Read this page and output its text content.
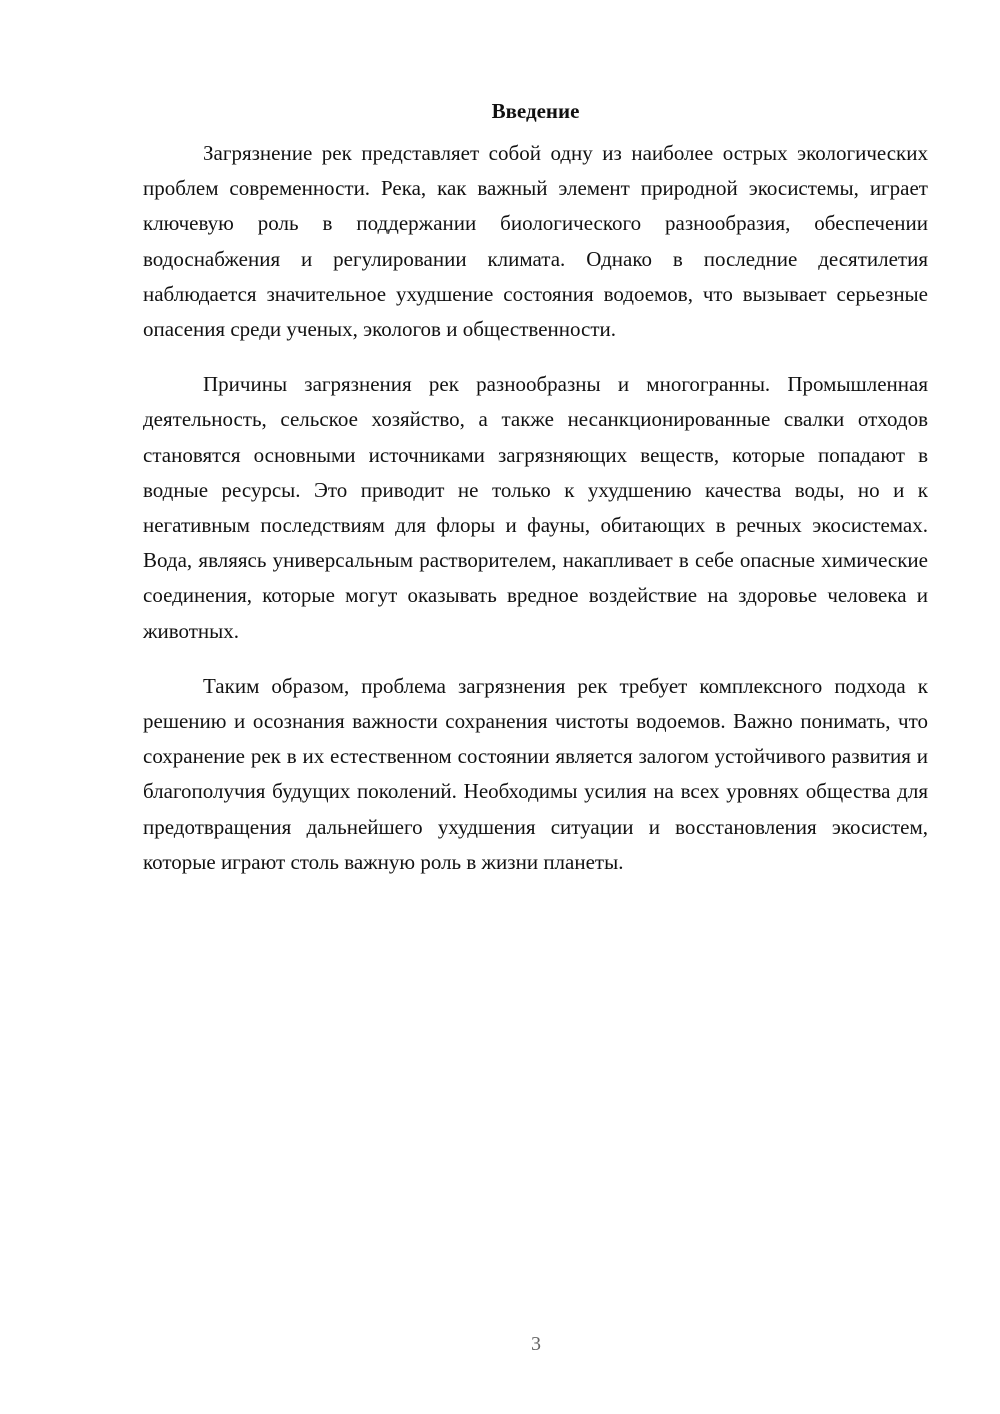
Введение

Загрязнение рек представляет собой одну из наиболее острых экологических проблем современности. Река, как важный элемент природной экосистемы, играет ключевую роль в поддержании биологического разнообразия, обеспечении водоснабжения и регулировании климата. Однако в последние десятилетия наблюдается значительное ухудшение состояния водоемов, что вызывает серьезные опасения среди ученых, экологов и общественности.

Причины загрязнения рек разнообразны и многогранны. Промышленная деятельность, сельское хозяйство, а также несанкционированные свалки отходов становятся основными источниками загрязняющих веществ, которые попадают в водные ресурсы. Это приводит не только к ухудшению качества воды, но и к негативным последствиям для флоры и фауны, обитающих в речных экосистемах. Вода, являясь универсальным растворителем, накапливает в себе опасные химические соединения, которые могут оказывать вредное воздействие на здоровье человека и животных.

Таким образом, проблема загрязнения рек требует комплексного подхода к решению и осознания важности сохранения чистоты водоемов. Важно понимать, что сохранение рек в их естественном состоянии является залогом устойчивого развития и благополучия будущих поколений. Необходимы усилия на всех уровнях общества для предотвращения дальнейшего ухудшения ситуации и восстановления экосистем, которые играют столь важную роль в жизни планеты.

3
